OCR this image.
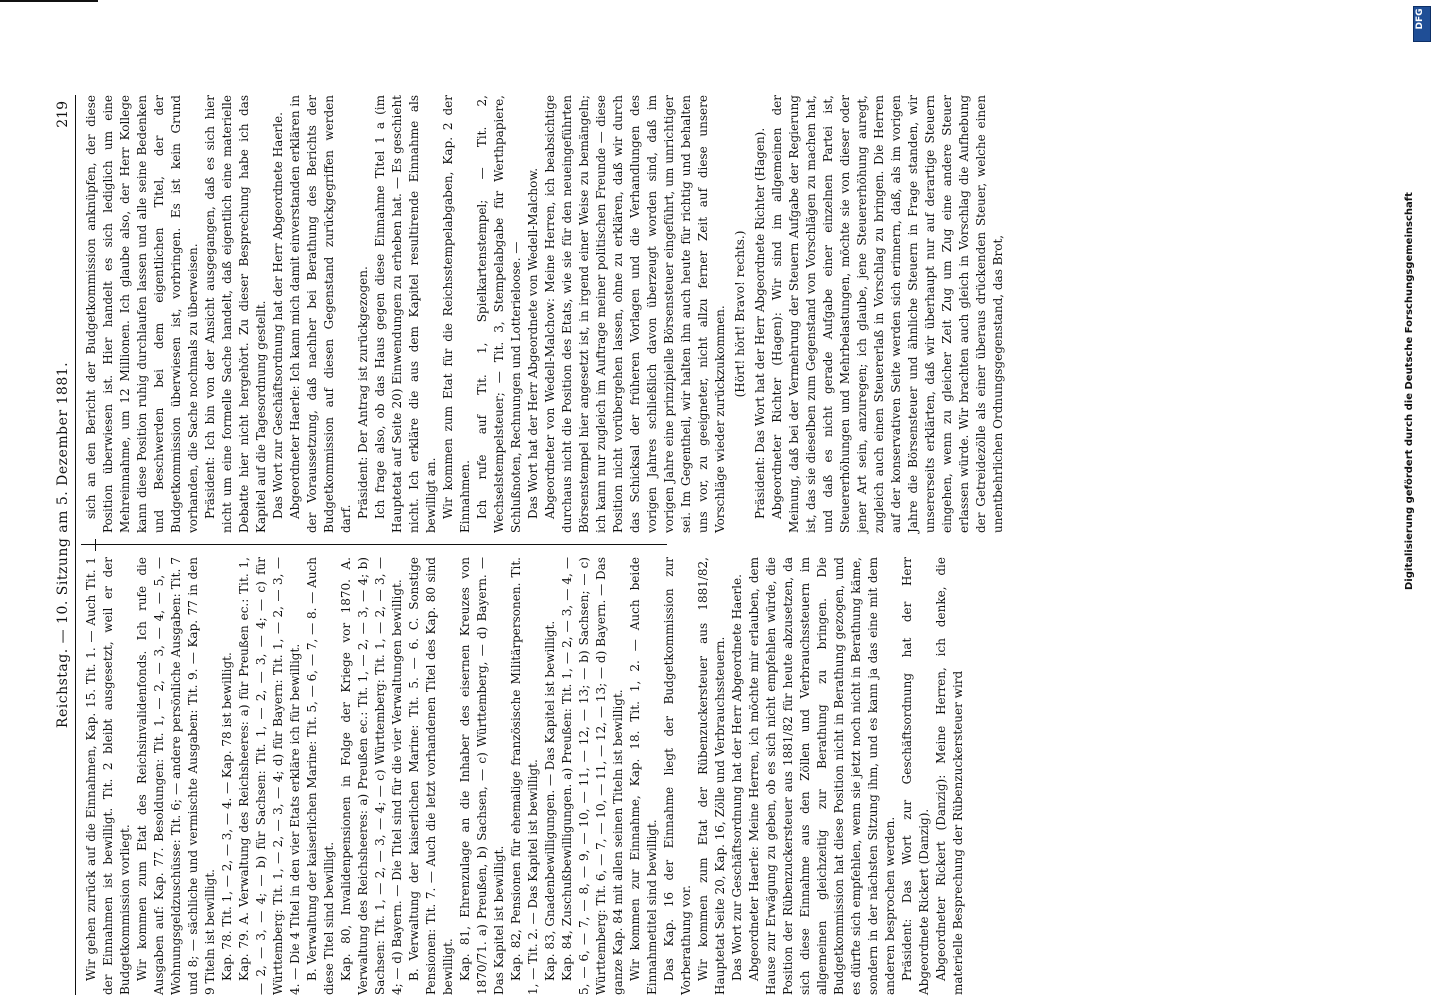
Reichstag. — 10. Sitzung am 5. Dezember 1881.
219

Wir gehen zurück auf die Einnahmen, Kap. 15. Tit. 1. — Auch Tit. 1 der Einnahmen ist bewilligt. Tit. 2 bleibt ausgesetzt, weil er der Budgetkommission vorliegt. Wir kommen zum Etat des Reichsinvalidenfonds. Ich rufe die Ausgaben auf: Kap. 77. Besoldungen: Tit. 1, — 2, — 3, — 4, — 5, — Wohnungsgeldzuschüsse: Tit. 6; — andere persönliche Ausgaben: Tit. 7 und 8; — sächliche und vermischte Ausgaben: Tit. 9. — Kap. 77 in den 9 Titeln ist bewilligt. Kap. 78. Tit. 1, — 2, — 3, — 4. — Kap. 78 ist bewilligt. Kap. 79. A. Verwaltung des Reichsheeres: a) für Preußen ec.: Tit. 1, — 2, — 3, — 4; — b) für Sachsen: Tit. 1, — 2, — 3, — 4; — c) für Württemberg: Tit. 1, — 2, — 3, — 4; d) für Bayern: Tit. 1, — 2, — 3, — 4. — Die 4 Titel in den vier Etats erkläre ich für bewilligt. B. Verwaltung der kaiserlichen Marine: Tit. 5, — 6, — 7, — 8. — Auch diese Titel sind bewilligt. Kap. 80, Invalidenpensionen in Folge der Kriege vor 1870. A. Verwaltung des Reichsheeres: a) Preußen ec.: Tit. 1, — 2, — 3, — 4; b) Sachsen: Tit. 1, — 2, — 3, — 4; — c) Württemberg: Tit. 1, — 2, — 3, — 4; — d) Bayern. — Die Titel sind für die vier Verwaltungen bewilligt. B. Verwaltung der kaiserlichen Marine: Tit. 5. — 6. C. Sonstige Pensionen: Tit. 7. — Auch die letzt vorhandenen Titel des Kap. 80 sind bewilligt. Kap. 81, Ehrenzulage an die Inhaber des eisernen Kreuzes von 1870/71. a) Preußen, b) Sachsen, — c) Württemberg, — d) Bayern. — Das Kapitel ist bewilligt. Kap. 82, Pensionen für ehemalige französische Militärpersonen. Tit. 1, — Tit. 2. — Das Kapitel ist bewilligt. Kap. 83, Gnadenbewilligungen. — Das Kapitel ist bewilligt. Kap. 84, Zuschußbewilligungen. a) Preußen: Tit. 1, — 2, — 3, — 4, — 5, — 6, — 7, — 8, — 9, — 10, — 11, — 12, — 13; — b) Sachsen; — c) Württemberg: Tit. 6, — 7, — 10, — 11, — 12, — 13; — d) Bayern. — Das ganze Kap. 84 mit allen seinen Titeln ist bewilligt. Wir kommen zur Einnahme, Kap. 18. Tit. 1, 2. — Auch beide Einnahmetitel sind bewilligt. Das Kap. 16 der Einnahme liegt der Budgetkommission zur Vorberathung vor. Wir kommen zum Etat der Rübenzuckersteuer aus 1881/82, Hauptetat Seite 20, Kap. 16, Zölle und Verbrauchssteuern. Das Wort zur Geschäftsordnung hat der Herr Abgeordnete Haerle. Abgeordneter Haerle: Meine Herren, ich möchte mir erlauben, dem Hause zur Erwägung zu geben, ob es sich nicht empfehlen würde, die Position der Rübenzuckersteuer aus 1881/82 für heute abzusetzen, da sich diese Einnahme aus den Zöllen und Verbrauchssteuern im allgemeinen gleichzeitig zur Berathung zu bringen. Die Budgetkommission hat diese Position nicht in Berathung gezogen, und es dürfte sich empfehlen, wenn sie jetzt noch nicht in Berathung käme, sondern in der nächsten Sitzung ihm, und es kann ja das eine mit dem anderen besprochen werden. Präsident: Das Wort zur Geschäftsordnung hat der Herr Abgeordnete Rickert (Danzig). Abgeordneter Rickert (Danzig): Meine Herren, ich denke, die materielle Besprechung der Rübenzuckersteuer wird

sich an den Bericht der Budgetkommission anknüpfen, der diese Position überwiesen ist. Hier handelt es sich lediglich um eine Mehreinnahme, um 12 Millionen. Ich glaube also, der Herr Kollege kann diese Position ruhig durchlaufen lassen und alle seine Bedenken und Beschwerden bei dem eigentlichen Titel, der der Budgetkommission überwiesen ist, vorbringen. Es ist kein Grund vorhanden, die Sache nochmals zu überweisen. Präsident: Ich bin von der Ansicht ausgegangen, daß es sich hier nicht um eine formelle Sache handelt, daß eigentlich eine materielle Debatte hier nicht hergehört. Zu dieser Besprechung habe ich das Kapitel auf die Tagesordnung gestellt. Das Wort zur Geschäftsordnung hat der Herr Abgeordnete Haerle. Abgeordneter Haerle: Ich kann mich damit einverstanden erklären in der Voraussetzung, daß nachher bei Berathung des Berichts der Budgetkommission auf diesen Gegenstand zurückgegriffen werden darf. Präsident: Der Antrag ist zurückgezogen. Ich frage also, ob das Haus gegen diese Einnahme Titel 1 a (im Hauptetat auf Seite 20) Einwendungen zu erheben hat. — Es geschieht nicht. Ich erkläre die aus dem Kapitel resultirende Einnahme als bewilligt an. Wir kommen zum Etat für die Reichsstempelabgaben, Kap. 2 der Einnahmen. Ich rufe auf Tit. 1, Spielkartenstempel; — Tit. 2, Wechselstempelsteuer; — Tit. 3, Stempelabgabe für Werthpapiere, Schlußnoten, Rechnungen und Lotterieloose. — Das Wort hat der Herr Abgeordnete von Wedell-Malchow. Abgeordneter von Wedell-Malchow: Meine Herren, ich beabsichtige durchaus nicht die Position des Etats, wie sie für den neueingeführten Börsenstempel hier angesetzt ist, in irgend einer Weise zu bemängeln; ich kann nur zugleich im Auftrage meiner politischen Freunde — diese Position nicht vorübergehen lassen, ohne zu erklären, daß wir durch das Schicksal der früheren Vorlagen und die Verhandlungen des vorigen Jahres schließlich davon überzeugt worden sind, daß im vorigen Jahre eine prinzipielle Börsensteuer eingeführt, um unrichtiger sei. Im Gegentheil, wir halten ihn auch heute für richtig und behalten uns vor, zu geeigneter, nicht allzu ferner Zeit auf diese unsere Vorschläge wieder zurückzukommen. (Hört! hört! Bravo! rechts.) Präsident: Das Wort hat der Herr Abgeordnete Richter (Hagen). Abgeordneter Richter (Hagen): Wir sind im allgemeinen der Meinung, daß bei der Vermehrung der Steuern Aufgabe der Regierung ist, das sie dieselben zum Gegenstand von Vorschlägen zu machen hat, und daß es nicht gerade Aufgabe einer einzelnen Partei ist, Steuererhöhungen und Mehrbelastungen, möchte sie von dieser oder jener Art sein, anzuregen; ich glaube, jene Steuererhöhung auregt, zugleich auch einen Steuererlaß in Vorschlag zu bringen. Die Herren auf der konservativen Seite werden sich erinnern, daß, als im vorigen Jahre die Börsensteuer und ähnliche Steuern in Frage standen, wir unsererseits erklärten, daß wir überhaupt nur auf derartige Steuern eingehen, wenn zu gleicher Zeit Zug um Zug eine andere Steuer erlassen würde. Wir brachten auch gleich in Vorschlag die Aufhebung der Getreidezölle als einer überaus drückenden Steuer, welche einen unentbehrlichen Ordnungsgegenstand, das Brot,	Digitalisierung gefördert durch die Deutsche Forschungsgemeinschaft
DFG
